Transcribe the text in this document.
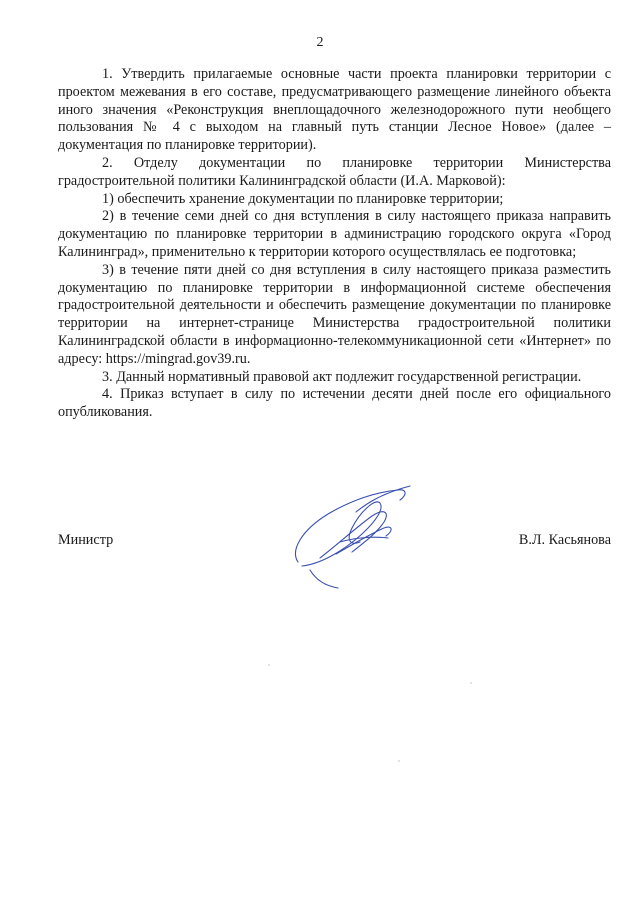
2

1. Утвердить прилагаемые основные части проекта планировки территории с проектом межевания в его составе, предусматривающего размещение линейного объекта иного значения «Реконструкция внеплощадочного железнодорожного пути необщего пользования № 4 с выходом на главный путь станции Лесное Новое» (далее – документация по планировке территории).

2. Отделу документации по планировке территории Министерства градостроительной политики Калининградской области (И.А. Марковой):

1) обеспечить хранение документации по планировке территории;

2) в течение семи дней со дня вступления в силу настоящего приказа направить документацию по планировке территории в администрацию городского округа «Город Калининград», применительно к территории которого осуществлялась ее подготовка;

3) в течение пяти дней со дня вступления в силу настоящего приказа разместить документацию по планировке территории в информационной системе обеспечения градостроительной деятельности и обеспечить размещение документации по планировке территории на интернет-странице Министерства градостроительной политики Калининградской области в информационно-телекоммуникационной сети «Интернет» по адресу: https://mingrad.gov39.ru.

3. Данный нормативный правовой акт подлежит государственной регистрации.

4. Приказ вступает в силу по истечении десяти дней после его официального опубликования.

Министр	В.Л. Касьянова
